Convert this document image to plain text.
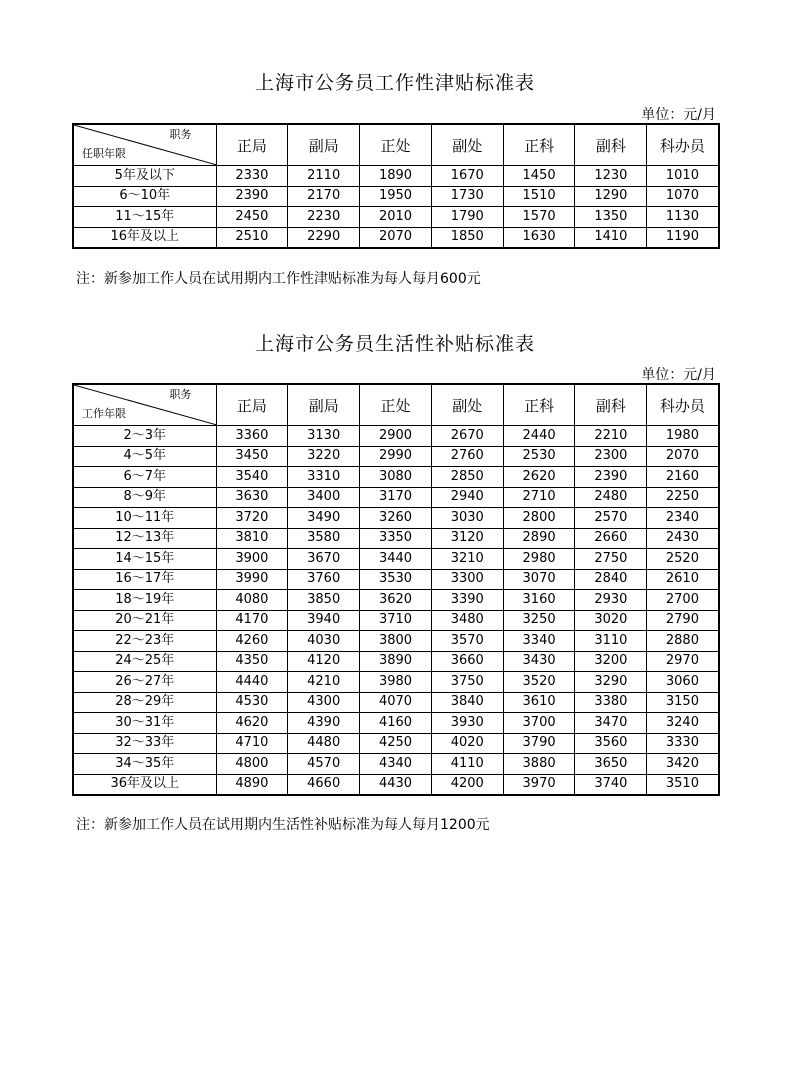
上海市公务员工作性津贴标准表
单位：元/月
职务
任职年限	正局	副局	正处	副处	正科	副科	科办员
5年及以下	2330	2110	1890	1670	1450	1230	1010
6～10年	2390	2170	1950	1730	1510	1290	1070
11～15年	2450	2230	2010	1790	1570	1350	1130
16年及以上	2510	2290	2070	1850	1630	1410	1190
注：新参加工作人员在试用期内工作性津贴标准为每人每月600元
上海市公务员生活性补贴标准表
单位：元/月
职务
工作年限	正局	副局	正处	副处	正科	副科	科办员
2～3年	3360	3130	2900	2670	2440	2210	1980
4～5年	3450	3220	2990	2760	2530	2300	2070
6～7年	3540	3310	3080	2850	2620	2390	2160
8～9年	3630	3400	3170	2940	2710	2480	2250
10～11年	3720	3490	3260	3030	2800	2570	2340
12～13年	3810	3580	3350	3120	2890	2660	2430
14～15年	3900	3670	3440	3210	2980	2750	2520
16～17年	3990	3760	3530	3300	3070	2840	2610
18～19年	4080	3850	3620	3390	3160	2930	2700
20～21年	4170	3940	3710	3480	3250	3020	2790
22～23年	4260	4030	3800	3570	3340	3110	2880
24～25年	4350	4120	3890	3660	3430	3200	2970
26～27年	4440	4210	3980	3750	3520	3290	3060
28～29年	4530	4300	4070	3840	3610	3380	3150
30～31年	4620	4390	4160	3930	3700	3470	3240
32～33年	4710	4480	4250	4020	3790	3560	3330
34～35年	4800	4570	4340	4110	3880	3650	3420
36年及以上	4890	4660	4430	4200	3970	3740	3510
注：新参加工作人员在试用期内生活性补贴标准为每人每月1200元
